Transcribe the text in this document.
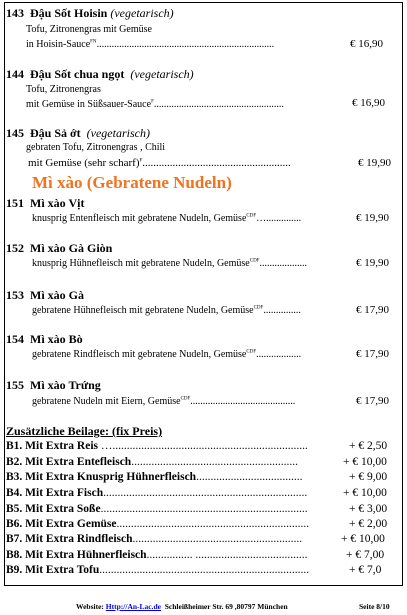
143 Đậu Sốt Hoisin (vegetarisch)
Tofu, Zitronengras mit Gemüse
in Hoisin-Sauce$^{FN}$.......................................................................	€ 16,90
144 Đậu Sốt chua ngọt (vegetarisch)
Tofu, Zitronengras
mit Gemüse in Süßsauer-Sauce$^F$....................................................	€ 16,90
145 Đậu Sả ớt (vegetarisch)
gebraten Tofu, Zitronengras , Chili
mit Gemüse (sehr scharf)$^F$......................................................	€ 19,90
Mì xào (Gebratene Nudeln)
151 Mì xào Vịt
knusprig Entenfleisch mit gebratene Nudeln, Gemüse$^{CDF}$…..............	€ 19,90
152 Mì xào Gà Giòn
knusprig Hühnefleisch mit gebratene Nudeln, Gemüse$^{CDF}$...................	€ 19,90
153 Mì xào Gà
gebratene Hühnefleisch mit gebratene Nudeln, Gemüse$^{CDF}$...............	€ 17,90
154 Mì xào Bò
gebratene Rindfleisch mit gebratene Nudeln, Gemüse$^{CDF}$..................	€ 17,90
155 Mì xào Trứng
gebratene Nudeln mit Eiern, Gemüse$^{CDF}$..........................................	€ 17,90
Zusätzliche Beilage: (fix Preis)
B1. Mit Extra Reis …....................................................................	+ € 2,50
B2. Mit Extra Entefleisch..........................................................	+ € 10,00
B3. Mit Extra Knusprig Hühnerfleisch.....................................	+ € 9,00
B4. Mit Extra Fisch.......................................................................	+ € 10,00
B5. Mit Extra Soße........................................................................	+ € 3,00
B6. Mit Extra Gemüse...................................................................	+ € 2,00
B7. Mit Extra Rindfleisch...........................................................	+ € 10,00
B8. Mit Extra Hühnerfleisch................ .......................................	+ € 7,00
B9. Mit Extra Tofu.........................................................................	+ € 7,0
Website: Http://An-Lac.de Schleißheimer Str. 69 ,80797 München	Seite 8/10
